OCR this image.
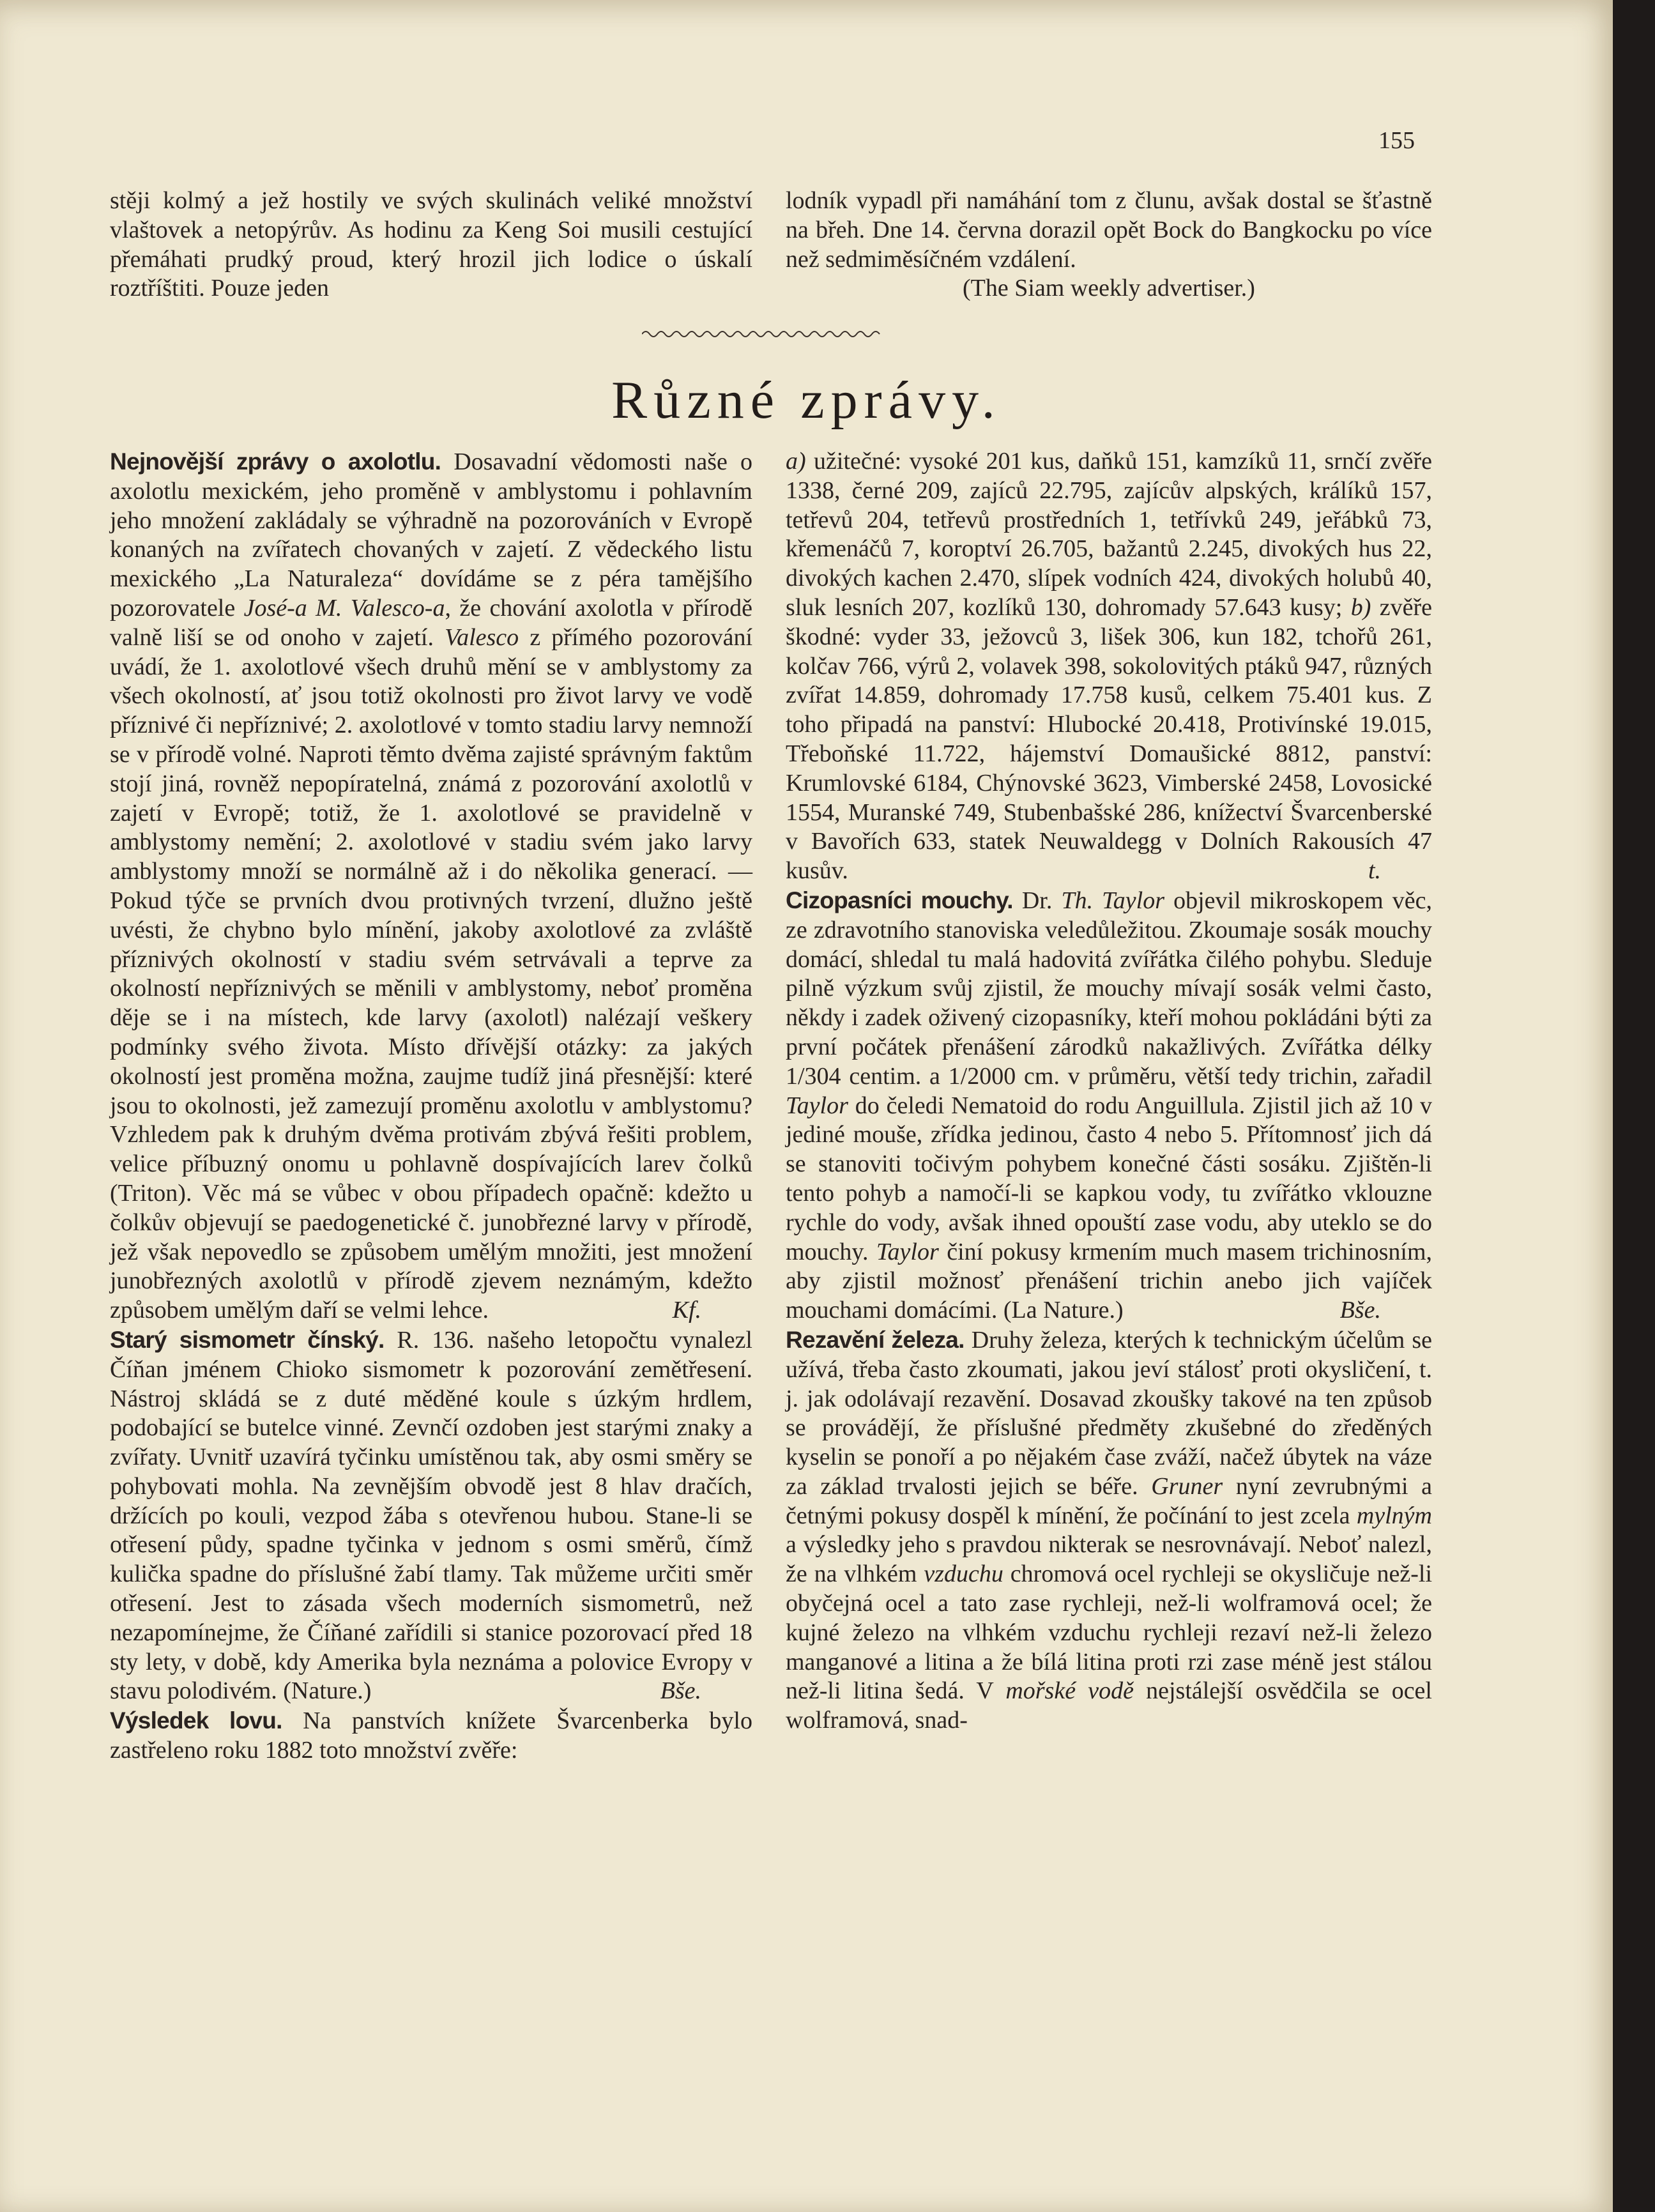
155

stěji kolmý a jež hostily ve svých skulinách veliké množství vlaštovek a netopýrův. As hodinu za Keng Soi musili cestující přemáhati prudký proud, který hrozil jich lodice o úskalí roztříštiti. Pouze jeden

lodník vypadl při namáhání tom z člunu, avšak dostal se šťastně na břeh. Dne 14. června dorazil opět Bock do Bangkocku po více než sedmiměsíčném vzdálení.

(The Siam weekly advertiser.)
Různé zprávy.

Nejnovější zprávy o axolotlu. Dosavadní vědomosti naše o axolotlu mexickém, jeho proměně v amblystomu i pohlavním jeho množení zakládaly se výhradně na pozorováních v Evropě konaných na zvířatech chovaných v zajetí. Z vědeckého listu mexického „La Naturaleza“ dovídáme se z péra tamějšího pozorovatele José-a M. Valesco-a, že chování axolotla v přírodě valně liší se od onoho v zajetí. Valesco z přímého pozorování uvádí, že 1. axolotlové všech druhů mění se v amblystomy za všech okolností, ať jsou totiž okolnosti pro život larvy ve vodě příznivé či nepříznivé; 2. axolotlové v tomto stadiu larvy nemnoží se v přírodě volné. Naproti těmto dvěma zajisté správným faktům stojí jiná, rovněž nepopíratelná, známá z pozorování axolotlů v zajetí v Evropě; totiž, že 1. axolotlové se pravidelně v amblystomy nemění; 2. axolotlové v stadiu svém jako larvy amblystomy množí se normálně až i do několika generací. — Pokud týče se prvních dvou protivných tvrzení, dlužno ještě uvésti, že chybno bylo mínění, jakoby axolotlové za zvláště příznivých okolností v stadiu svém setrvávali a teprve za okolností nepříznivých se měnili v amblystomy, neboť proměna děje se i na místech, kde larvy (axolotl) nalézají veškery podmínky svého života. Místo dřívější otázky: za jakých okolností jest proměna možna, zaujme tudíž jiná přesnější: které jsou to okolnosti, jež zamezují proměnu axolotlu v amblystomu? Vzhledem pak k druhým dvěma protivám zbývá řešiti problem, velice příbuzný onomu u pohlavně dospívajících larev čolků (Triton). Věc má se vůbec v obou případech opačně: kdežto u čolkův objevují se paedogenetické č. junobřezné larvy v přírodě, jež však nepovedlo se způsobem umělým množiti, jest množení junobřezných axolotlů v přírodě zjevem neznámým, kdežto způsobem umělým daří se velmi lehce.	Kf.

Starý sismometr čínský. R. 136. našeho letopočtu vynalezl Číňan jménem Chioko sismometr k pozorování zemětřesení. Nástroj skládá se z duté měděné koule s úzkým hrdlem, podobající se butelce vinné. Zevnčí ozdoben jest starými znaky a zvířaty. Uvnitř uzavírá tyčinku umístěnou tak, aby osmi směry se pohybovati mohla. Na zevnějším obvodě jest 8 hlav dračích, držících po kouli, vezpod žába s otevřenou hubou. Stane-li se otřesení půdy, spadne tyčinka v jednom s osmi směrů, čímž kulička spadne do příslušné žabí tlamy. Tak můžeme určiti směr otřesení. Jest to zásada všech moderních sismometrů, než nezapomínejme, že Číňané zařídili si stanice pozorovací před 18 sty lety, v době, kdy Amerika byla neznáma a polovice Evropy v stavu polodivém. (Nature.)	Bše.

Výsledek lovu. Na panstvích knížete Švarcenberka bylo zastřeleno roku 1882 toto množství zvěře:

a) užitečné: vysoké 201 kus, daňků 151, kamzíků 11, srnčí zvěře 1338, černé 209, zajíců 22.795, zajícův alpských, králíků 157, tetřevů 204, tetřevů prostředních 1, tetřívků 249, jeřábků 73, křemenáčů 7, koroptví 26.705, bažantů 2.245, divokých hus 22, divokých kachen 2.470, slípek vodních 424, divokých holubů 40, sluk lesních 207, kozlíků 130, dohromady 57.643 kusy; b) zvěře škodné: vyder 33, ježovců 3, lišek 306, kun 182, tchořů 261, kolčav 766, výrů 2, volavek 398, sokolovitých ptáků 947, různých zvířat 14.859, dohromady 17.758 kusů, celkem 75.401 kus. Z toho připadá na panství: Hlubocké 20.418, Protivínské 19.015, Třeboňské 11.722, hájemství Domaušické 8812, panství: Krumlovské 6184, Chýnovské 3623, Vimberské 2458, Lovosické 1554, Muranské 749, Stubenbašské 286, knížectví Švarcenberské v Bavořích 633, statek Neuwaldegg v Dolních Rakousích 47 kusův.	t.

Cizopasníci mouchy. Dr. Th. Taylor objevil mikroskopem věc, ze zdravotního stanoviska veledůležitou. Zkoumaje sosák mouchy domácí, shledal tu malá hadovitá zvířátka čilého pohybu. Sleduje pilně výzkum svůj zjistil, že mouchy mívají sosák velmi často, někdy i zadek oživený cizopasníky, kteří mohou pokládáni býti za první počátek přenášení zárodků nakažlivých. Zvířátka délky 1/304 centim. a 1/2000 cm. v průměru, větší tedy trichin, zařadil Taylor do čeledi Nematoid do rodu Anguillula. Zjistil jich až 10 v jediné mouše, zřídka jedinou, často 4 nebo 5. Přítomnosť jich dá se stanoviti točivým pohybem konečné části sosáku. Zjištěn-li tento pohyb a namočí-li se kapkou vody, tu zvířátko vklouzne rychle do vody, avšak ihned opouští zase vodu, aby uteklo se do mouchy. Taylor činí pokusy krmením much masem trichinosním, aby zjistil možnosť přenášení trichin anebo jich vajíček mouchami domácími. (La Nature.)	Bše.

Rezavění železa. Druhy železa, kterých k technickým účelům se užívá, třeba často zkoumati, jakou jeví stálosť proti okysličení, t. j. jak odolávají rezavění. Dosavad zkoušky takové na ten způsob se provádějí, že příslušné předměty zkušebné do zředěných kyselin se ponoří a po nějakém čase zváží, načež úbytek na váze za základ trvalosti jejich se béře. Gruner nyní zevrubnými a četnými pokusy dospěl k mínění, že počínání to jest zcela mylným a výsledky jeho s pravdou nikterak se nesrovnávají. Neboť nalezl, že na vlhkém vzduchu chromová ocel rychleji se okysličuje než-li obyčejná ocel a tato zase rychleji, než-li wolframová ocel; že kujné železo na vlhkém vzduchu rychleji rezaví než-li železo manganové a litina a že bílá litina proti rzi zase méně jest stálou než-li litina šedá. V mořské vodě nejstálejší osvědčila se ocel wolframová, snad-
